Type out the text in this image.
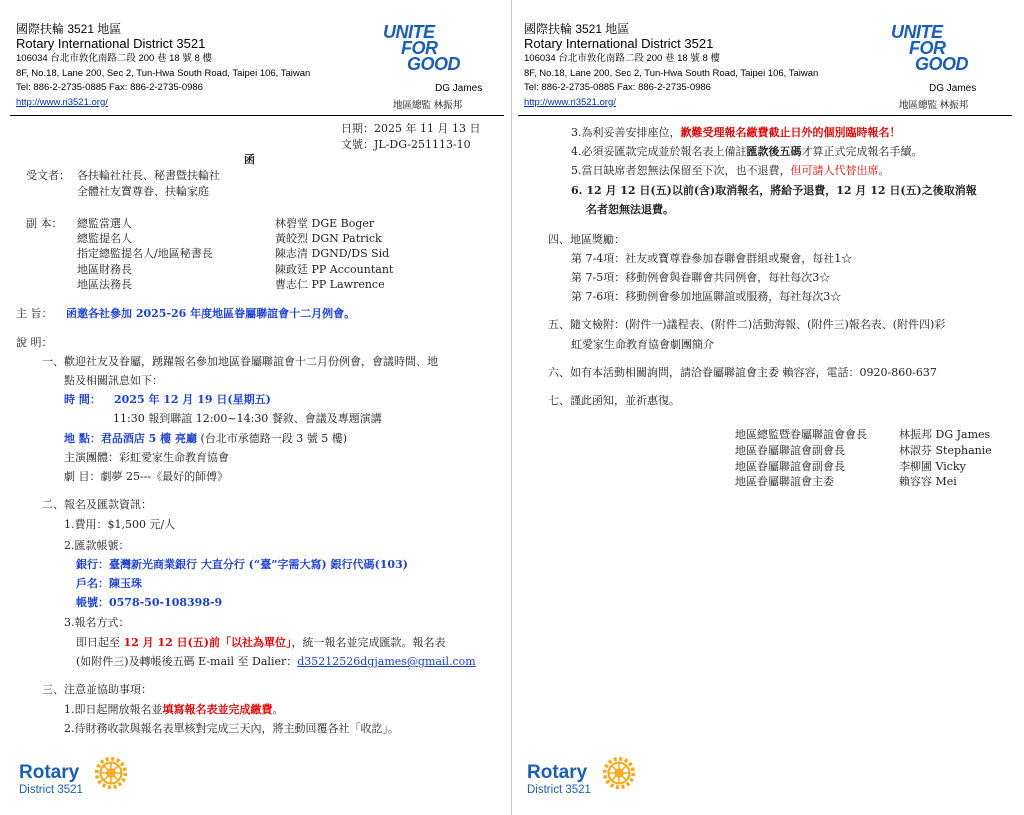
國際扶輪 3521 地區
Rotary International District 3521
106034 台北市敦化南路二段 200 巷 18 號 8 樓
8F, No.18, Lane 200, Sec 2, Tun-Hwa South Road, Taipei 106, Taiwan
Tel: 886-2-2735-0885 Fax: 886-2-2735-0986
http://www.ri3521.org/
UNITE
FOR
GOOD
DG James
地區總監 林振邦
日期：2025 年 11 月 13 日
文號：JL-DG-251113-10
函
受文者： 各扶輪社社長、秘書暨扶輪社
全體社友寶尊眷、扶輪家庭
副 本： 總監當選人	林碧堂 DGE Boger
總監提名人	黃皎烈 DGN Patrick
指定總監提名人/地區秘書長	陳志清 DGND/DS Sid
地區財務長	陳政廷 PP Accountant
地區法務長	曹志仁 PP Lawrence
主 旨： 函邀各社參加 2025-26 年度地區眷屬聯誼會十二月例會。
說 明：
一、歡迎社友及眷屬，踴躍報名參加地區眷屬聯誼會十二月份例會，會議時間、地
點及相關訊息如下：
時 間： 2025 年 12 月 19 日(星期五)
11:30 報到聯誼 12:00~14:30 餐敘、會議及專題演講
地 點：君品酒店 5 樓 亮廳 (台北市承德路一段 3 號 5 樓)
主演團體：彩虹愛家生命教育協會
劇 目：劇夢 25---《最好的師傅》
二、報名及匯款資訊：
1.費用：$1,500 元/人
2.匯款帳號：
銀行：臺灣新光商業銀行 大直分行 (“臺”字需大寫) 銀行代碼(103)
戶名：陳玉珠
帳號：0578-50-108398-9
3.報名方式：
即日起至 12 月 12 日(五)前「以社為單位」，統一報名並完成匯款。報名表
(如附件三)及轉帳後五碼 E-mail 至 Dalier：d35212526dgjames@gmail.com
三、注意並協助事項：
1.即日起開放報名並填寫報名表並完成繳費。
2.待財務收款與報名表單核對完成三天內，將主動回覆各社「收訖」。
Rotary
District 3521
國際扶輪 3521 地區
Rotary International District 3521
106034 台北市敦化南路二段 200 巷 18 號 8 樓
8F, No.18, Lane 200, Sec 2, Tun-Hwa South Road, Taipei 106, Taiwan
Tel: 886-2-2735-0885 Fax: 886-2-2735-0986
http://www.ri3521.org/
UNITE
FOR
GOOD
DG James
地區總監 林振邦
3.為利妥善安排座位，歉難受理報名繳費截止日外的個別臨時報名！
4.必須妥匯款完成並於報名表上備註匯款後五碼才算正式完成報名手續。
5.當日缺席者恕無法保留至下次，也不退費，但可請人代替出席。
6. 12 月 12 日(五)以前(含)取消報名，將給予退費，12 月 12 日(五)之後取消報
名者恕無法退費。
四、地區獎勵：
第 7-4項：社友或寶尊眷參加春聯會群組或聚會，每社1☆
第 7-5項：移動例會與眷聯會共同例會，每社每次3☆
第 7-6項：移動例會參加地區聯誼或服務，每社每次3☆
五、隨文檢附：(附件一)議程表、(附件二)活動海報、(附件三)報名表、(附件四)彩
虹愛家生命教育協會劇團簡介
六、如有本活動相關詢問，請洽眷屬聯誼會主委 賴容容，電話：0920-860-637
七、謹此函知，並祈惠復。
地區總監暨眷屬聯誼會會長	林振邦 DG James
地區眷屬聯誼會副會長	林淑芬 Stephanie
地區眷屬聯誼會副會長	李柳圃 Vicky
地區眷屬聯誼會主委	賴容容 Mei
Rotary
District 3521
